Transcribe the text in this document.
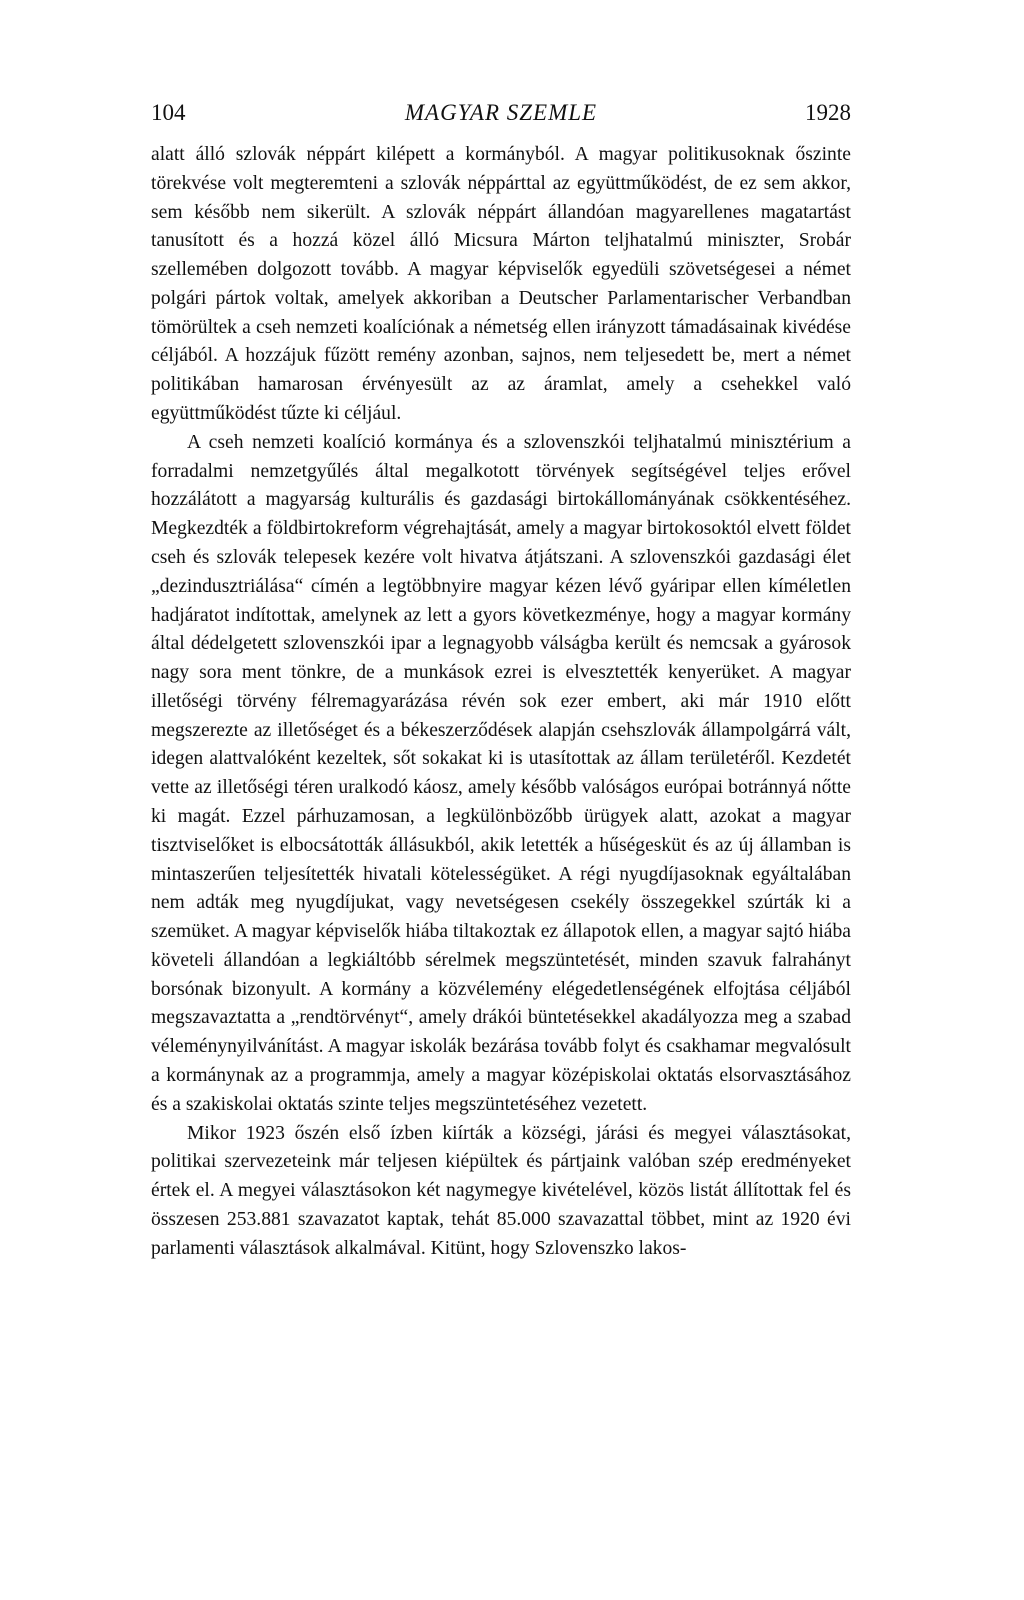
104	MAGYAR SZEMLE	1928

alatt álló szlovák néppárt kilépett a kormányból. A magyar politikusoknak őszinte törekvése volt megteremteni a szlovák néppárttal az együttműködést, de ez sem akkor, sem később nem sikerült. A szlovák néppárt állandóan magyarellenes magatartást tanusított és a hozzá közel álló Micsura Márton teljhatalmú miniszter, Srobár szellemében dolgozott tovább. A magyar képviselők egyedüli szövetségesei a német polgári pártok voltak, amelyek akkoriban a Deutscher Parlamentarischer Verbandban tömörültek a cseh nemzeti koalíciónak a németség ellen irányzott támadásainak kivédése céljából. A hozzájuk fűzött remény azonban, sajnos, nem teljesedett be, mert a német politikában hamarosan érvényesült az az áramlat, amely a csehekkel való együttműködést tűzte ki céljául.

A cseh nemzeti koalíció kormánya és a szlovenszkói teljhatalmú minisztérium a forradalmi nemzetgyűlés által megalkotott törvények segítségével teljes erővel hozzálátott a magyarság kulturális és gazdasági birtokállományának csökkentéséhez. Megkezdték a földbirtokreform végrehajtását, amely a magyar birtokosoktól elvett földet cseh és szlovák telepesek kezére volt hivatva átjátszani. A szlovenszkói gazdasági élet „dezindusztriálása“ címén a legtöbbnyire magyar kézen lévő gyáripar ellen kíméletlen hadjáratot indítottak, amelynek az lett a gyors következménye, hogy a magyar kormány által dédelgetett szlovenszkói ipar a legnagyobb válságba került és nemcsak a gyárosok nagy sora ment tönkre, de a munkások ezrei is elvesztették kenyerüket. A magyar illetőségi törvény félremagyarázása révén sok ezer embert, aki már 1910 előtt megszerezte az illetőséget és a békeszerződések alapján csehszlovák állampolgárrá vált, idegen alattvalóként kezeltek, sőt sokakat ki is utasítottak az állam területéről. Kezdetét vette az illetőségi téren uralkodó káosz, amely később valóságos európai botránnyá nőtte ki magát. Ezzel párhuzamosan, a legkülönbözőbb ürügyek alatt, azokat a magyar tisztviselőket is elbocsátották állásukból, akik letették a hűségesküt és az új államban is mintaszerűen teljesítették hivatali kötelességüket. A régi nyugdíjasoknak egyáltalában nem adták meg nyugdíjukat, vagy nevetségesen csekély összegekkel szúrták ki a szemüket. A magyar képviselők hiába tiltakoztak ez állapotok ellen, a magyar sajtó hiába követeli állandóan a legkiáltóbb sérelmek megszüntetését, minden szavuk falrahányt borsónak bizonyult. A kormány a közvélemény elégedetlenségének elfojtása céljából megszavaztatta a „rendtörvényt“, amely drákói büntetésekkel akadályozza meg a szabad véleménynyilvánítást. A magyar iskolák bezárása tovább folyt és csakhamar megvalósult a kormánynak az a programmja, amely a magyar középiskolai oktatás elsorvasztásához és a szakiskolai oktatás szinte teljes megszüntetéséhez vezetett.

Mikor 1923 őszén első ízben kiírták a községi, járási és megyei választásokat, politikai szervezeteink már teljesen kiépültek és pártjaink valóban szép eredményeket értek el. A megyei választásokon két nagymegye kivételével, közös listát állítottak fel és összesen 253.881 szavazatot kaptak, tehát 85.000 szavazattal többet, mint az 1920 évi parlamenti választások alkalmával. Kitünt, hogy Szlovenszko lakos-
